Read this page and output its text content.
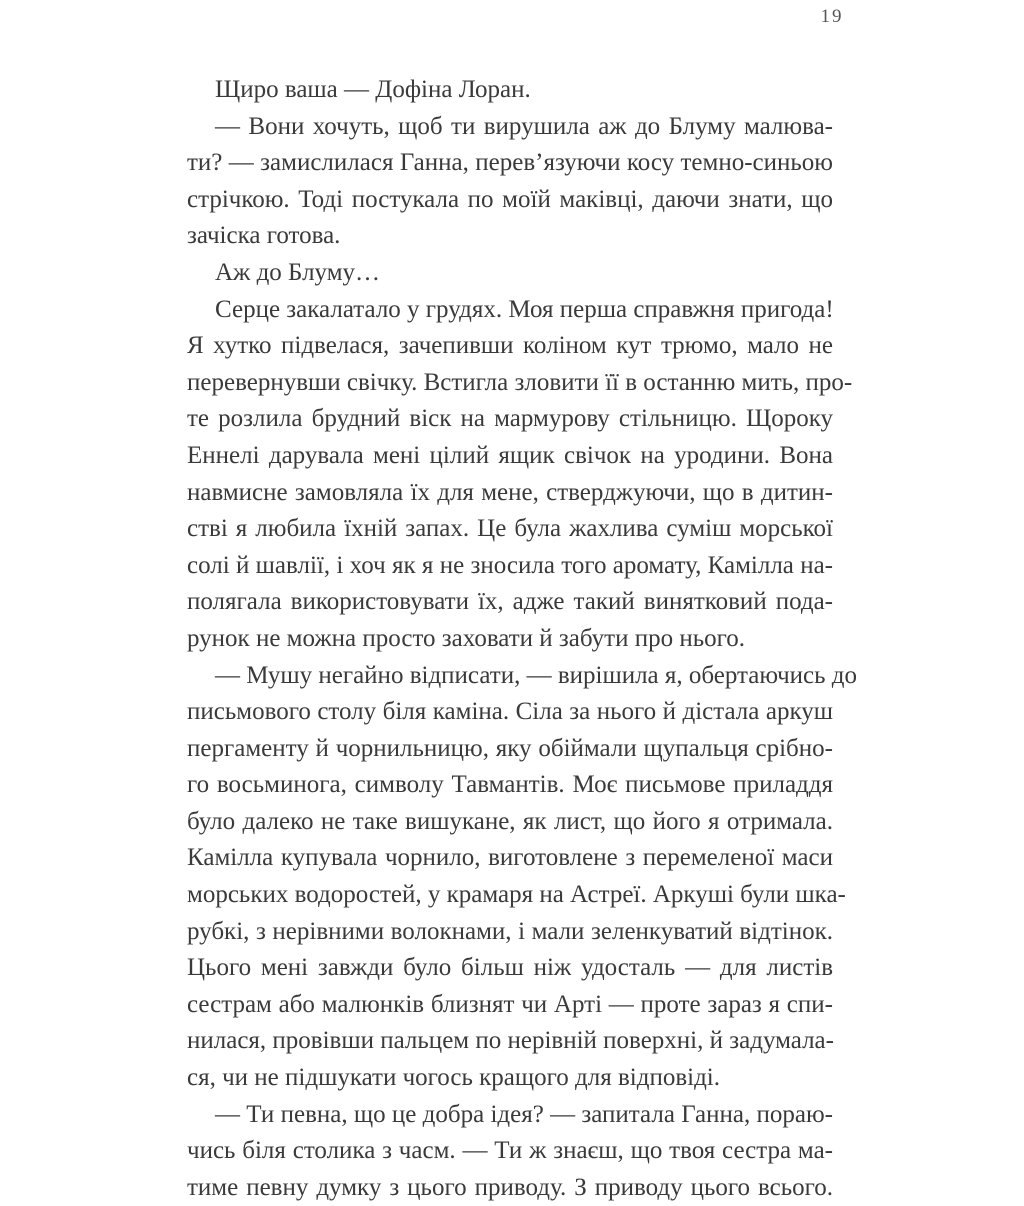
19
Щиро ваша — Дофіна Лоран.
— Вони хочуть, щоб ти вирушила аж до Блуму малюва-
ти? — замислилася Ганна, перев’язуючи косу темно-синьою
стрічкою. Тоді постукала по моїй маківці, даючи знати, що
зачіска готова.
Аж до Блуму…
Серце закалатало у грудях. Моя перша справжня пригода!
Я хутко підвелася, зачепивши коліном кут трюмо, мало не
перевернувши свічку. Встигла зловити її в останню мить, про-
те розлила брудний віск на мармурову стільницю. Щороку
Еннелі дарувала мені цілий ящик свічок на уродини. Вона
навмисне замовляла їх для мене, стверджуючи, що в дитин-
стві я любила їхній запах. Це була жахлива суміш морської
солі й шавлії, і хоч як я не зносила того аромату, Камілла на-
полягала використовувати їх, адже такий винятковий пода-
рунок не можна просто заховати й забути про нього.
— Мушу негайно відписати, — вирішила я, обертаючись до
письмового столу біля каміна. Сіла за нього й дістала аркуш
пергаменту й чорнильницю, яку обіймали щупальця срібно-
го восьминога, символу Тавмантів. Моє письмове приладдя
було далеко не таке вишукане, як лист, що його я отримала.
Камілла купувала чорнило, виготовлене з перемеленої маси
морських водоростей, у крамаря на Астреї. Аркуші були шка-
рубкі, з нерівними волокнами, і мали зеленкуватий відтінок.
Цього мені завжди було більш ніж удосталь — для листів
сестрам або малюнків близнят чи Арті — проте зараз я спи-
нилася, провівши пальцем по нерівній поверхні, й задумала-
ся, чи не підшукати чогось кращого для відповіді.
— Ти певна, що це добра ідея? — запитала Ганна, пораю-
чись біля столика з часм. — Ти ж знаєш, що твоя сестра ма-
тиме певну думку з цього приводу. З приводу цього всього.
